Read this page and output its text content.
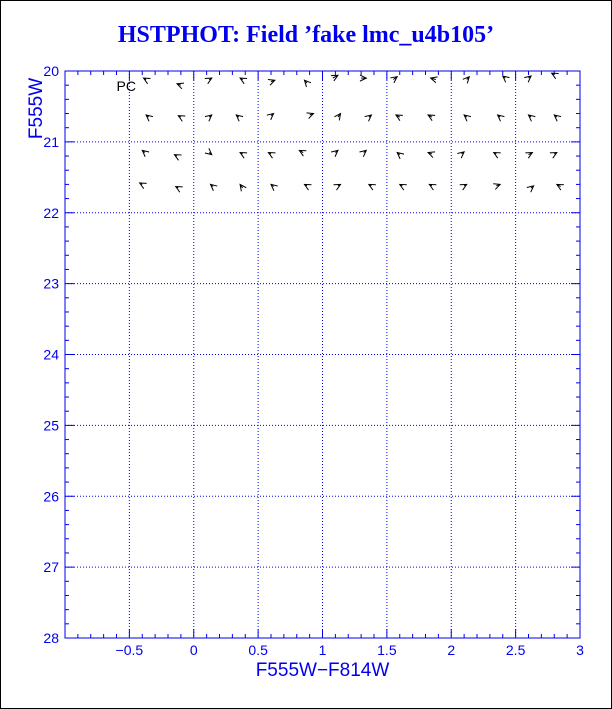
HSTPHOT: Field ’fake lmc_u4b105’
−0.5	0	0.5	1	1.5	2	2.5	3
20
21
22
23
24
25
26
27
28
F555W−F814W
F555W	PC
